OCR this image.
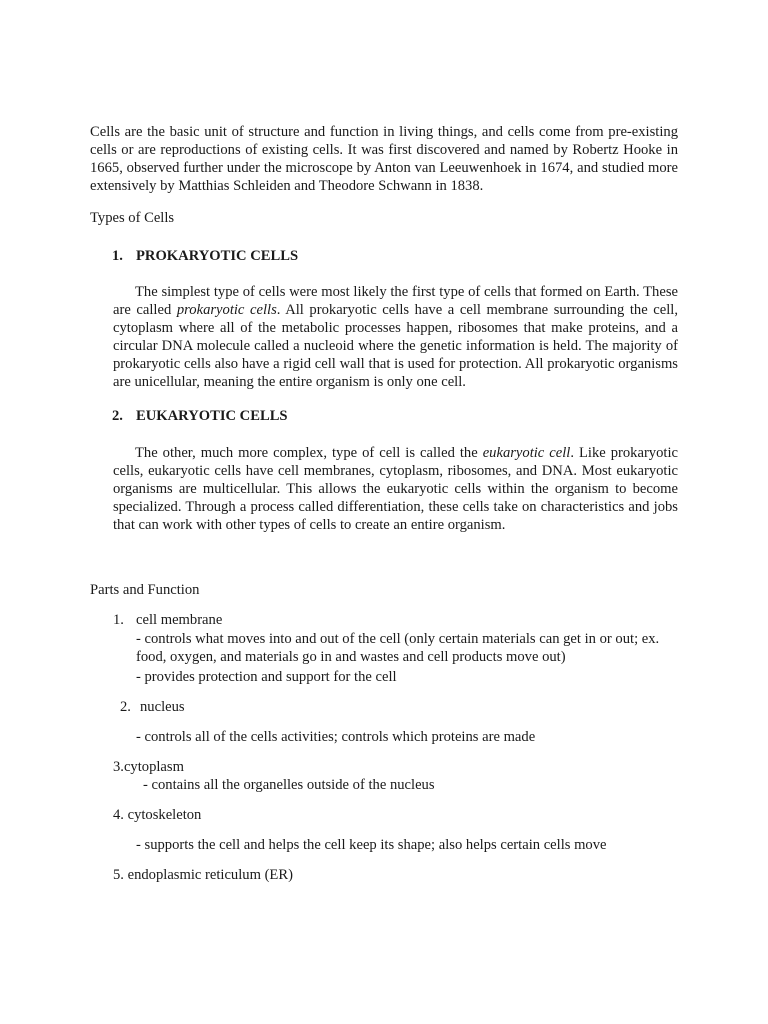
Cells are the basic unit of structure and function in living things, and cells come from pre-existing cells or are reproductions of existing cells. It was first discovered and named by Robertz Hooke in 1665, observed further under the microscope by Anton van Leeuwenhoek in 1674, and studied more extensively by Matthias Schleiden and Theodore Schwann in 1838.

Types of Cells
1. PROKARYOTIC CELLS

The simplest type of cells were most likely the first type of cells that formed on Earth. These are called prokaryotic cells. All prokaryotic cells have a cell membrane surrounding the cell, cytoplasm where all of the metabolic processes happen, ribosomes that make proteins, and a circular DNA molecule called a nucleoid where the genetic information is held. The majority of prokaryotic cells also have a rigid cell wall that is used for protection. All prokaryotic organisms are unicellular, meaning the entire organism is only one cell.

2. EUKARYOTIC CELLS

The other, much more complex, type of cell is called the eukaryotic cell. Like prokaryotic cells, eukaryotic cells have cell membranes, cytoplasm, ribosomes, and DNA. Most eukaryotic organisms are multicellular. This allows the eukaryotic cells within the organism to become specialized. Through a process called differentiation, these cells take on characteristics and jobs that can work with other types of cells to create an entire organism.

Parts and Function
1. cell membrane
- controls what moves into and out of the cell (only certain materials can get in or out; ex. food, oxygen, and materials go in and wastes and cell products move out)
- provides protection and support for the cell
2. nucleus
- controls all of the cells activities; controls which proteins are made
3.cytoplasm
- contains all the organelles outside of the nucleus
4. cytoskeleton
- supports the cell and helps the cell keep its shape; also helps certain cells move
5. endoplasmic reticulum (ER)
